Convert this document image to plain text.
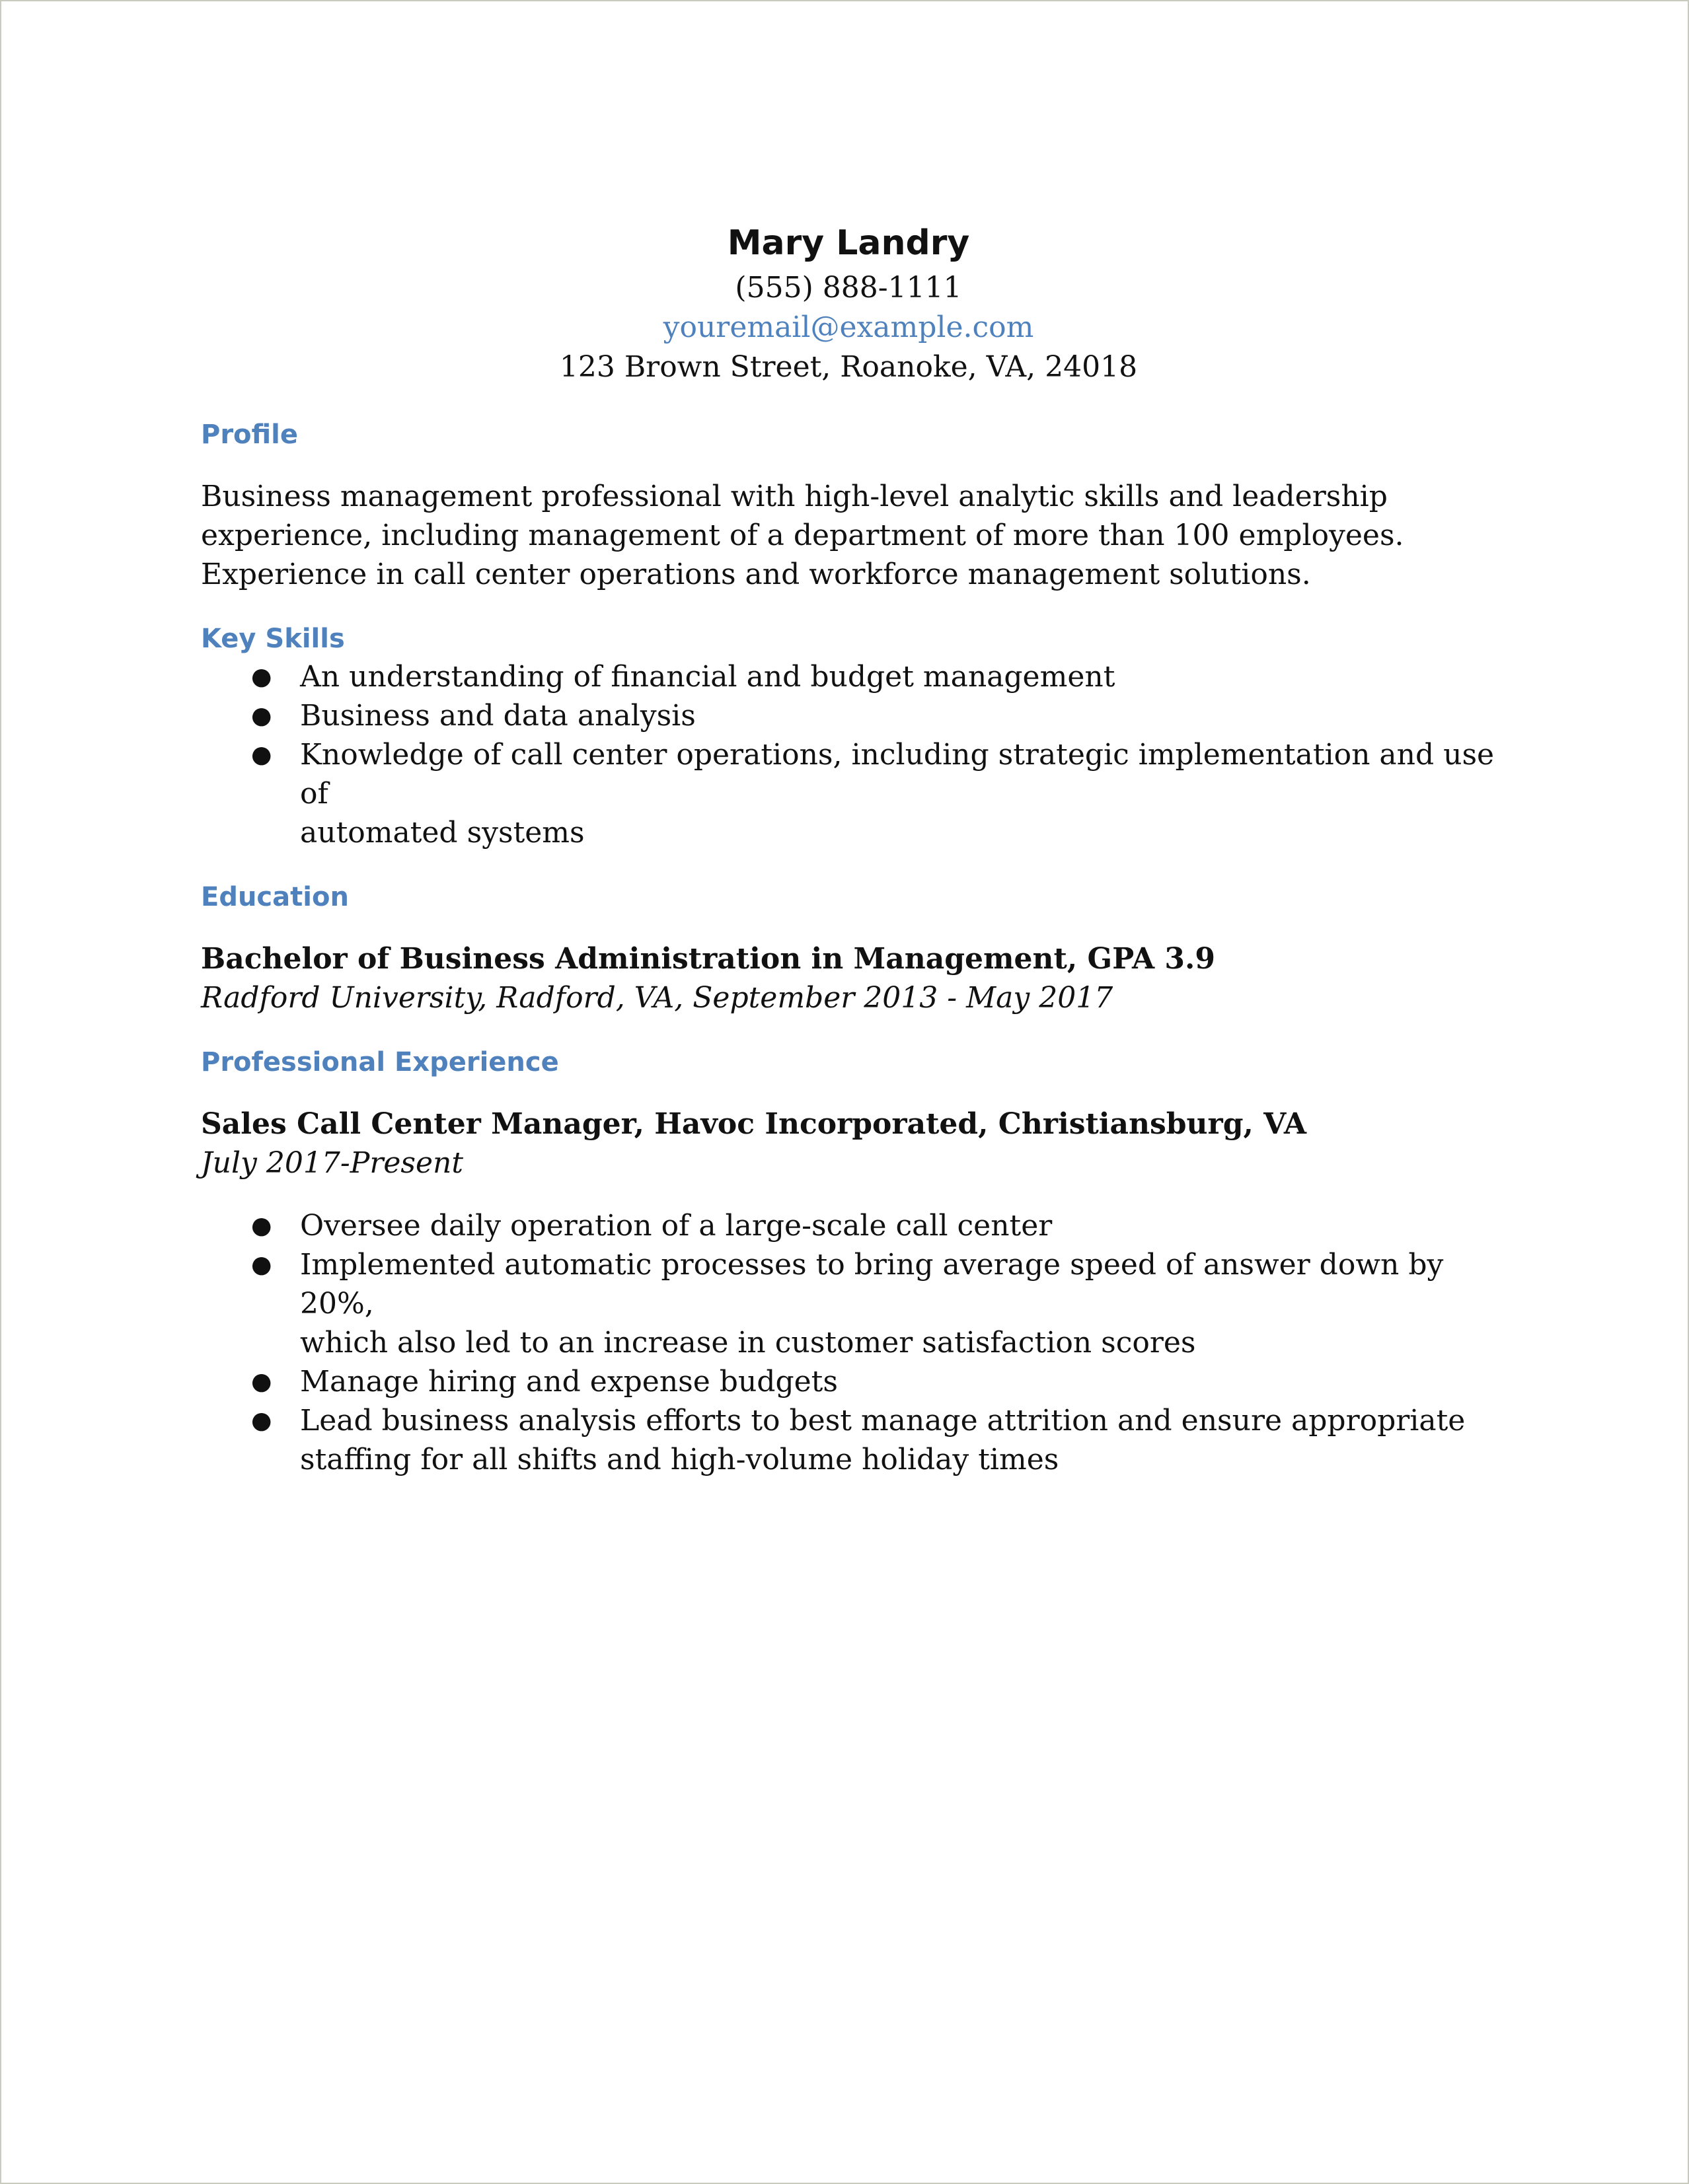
Mary Landry

(555) 888-1111

youremail@example.com

123 Brown Street, Roanoke, VA, 24018

Profile

Business management professional with high-level analytic skills and leadership

experience, including management of a department of more than 100 employees.

Experience in call center operations and workforce management solutions.

Key Skills

● An understanding of financial and budget management
● Business and data analysis
● Knowledge of call center operations, including strategic implementation and use of
automated systems

Education

Bachelor of Business Administration in Management, GPA 3.9

Radford University, Radford, VA, September 2013 - May 2017

Professional Experience

Sales Call Center Manager, Havoc Incorporated, Christiansburg, VA

July 2017-Present

● Oversee daily operation of a large-scale call center
● Implemented automatic processes to bring average speed of answer down by 20%,
which also led to an increase in customer satisfaction scores
● Manage hiring and expense budgets
● Lead business analysis efforts to best manage attrition and ensure appropriate
staffing for all shifts and high-volume holiday times
